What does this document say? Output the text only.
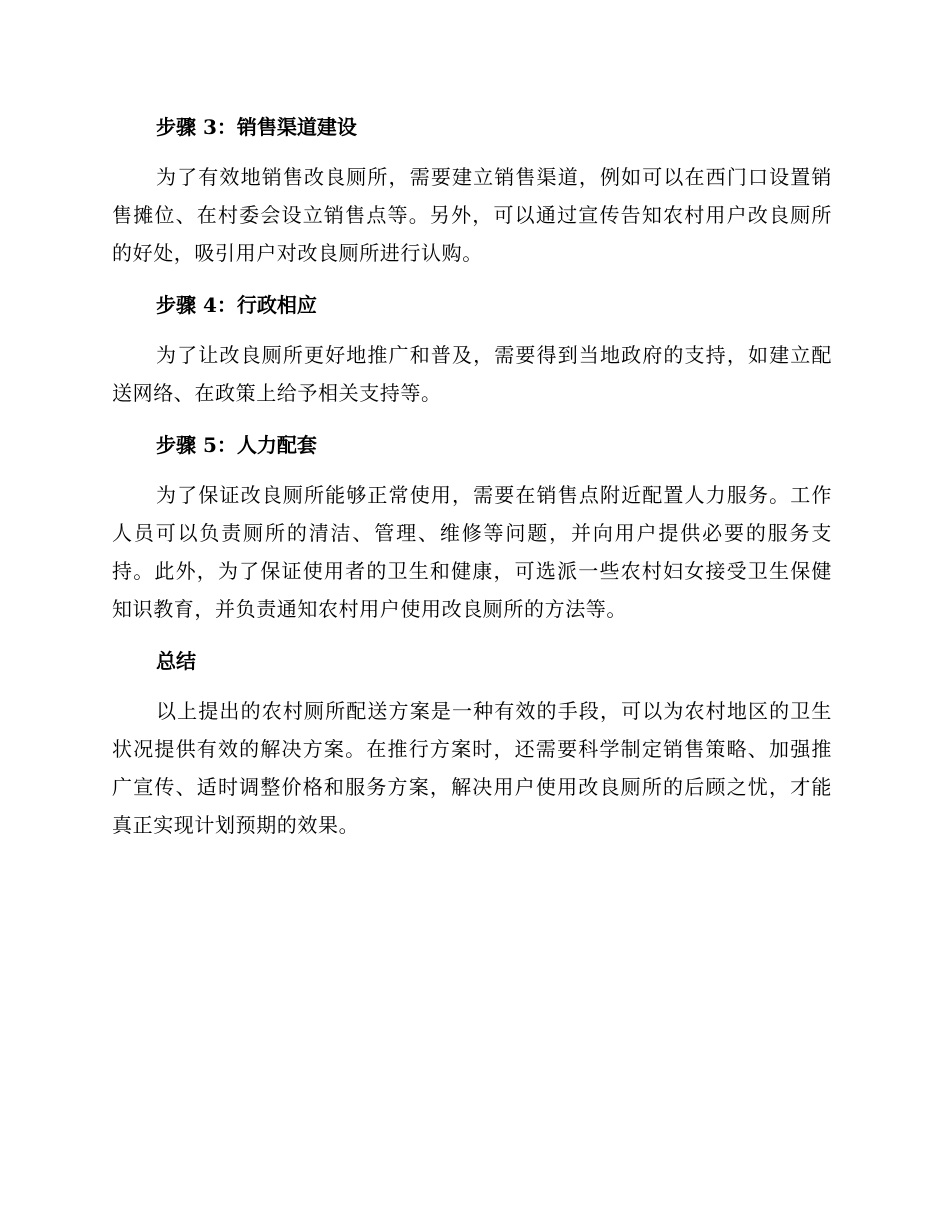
步骤 3：销售渠道建设

为了有效地销售改良厕所，需要建立销售渠道，例如可以在西门口设置销售摊位、在村委会设立销售点等。另外，可以通过宣传告知农村用户改良厕所的好处，吸引用户对改良厕所进行认购。

步骤 4：行政相应

为了让改良厕所更好地推广和普及，需要得到当地政府的支持，如建立配送网络、在政策上给予相关支持等。

步骤 5：人力配套

为了保证改良厕所能够正常使用，需要在销售点附近配置人力服务。工作人员可以负责厕所的清洁、管理、维修等问题，并向用户提供必要的服务支持。此外，为了保证使用者的卫生和健康，可选派一些农村妇女接受卫生保健知识教育，并负责通知农村用户使用改良厕所的方法等。

总结

以上提出的农村厕所配送方案是一种有效的手段，可以为农村地区的卫生状况提供有效的解决方案。在推行方案时，还需要科学制定销售策略、加强推广宣传、适时调整价格和服务方案，解决用户使用改良厕所的后顾之忧，才能真正实现计划预期的效果。
